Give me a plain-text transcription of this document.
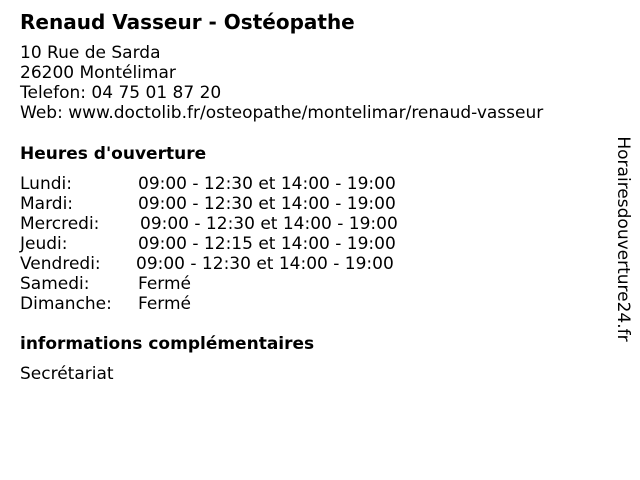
Renaud Vasseur - Ostéopathe
10 Rue de Sarda
26200 Montélimar
Telefon: 04 75 01 87 20
Web: www.doctolib.fr/osteopathe/montelimar/renaud-vasseur
Heures d'ouverture
Lundi:	09:00 - 12:30 et 14:00 - 19:00
Mardi:	09:00 - 12:30 et 14:00 - 19:00
Mercredi:	09:00 - 12:30 et 14:00 - 19:00
Jeudi:	09:00 - 12:15 et 14:00 - 19:00
Vendredi:	09:00 - 12:30 et 14:00 - 19:00
Samedi:	Fermé
Dimanche:	Fermé
informations complémentaires
Secrétariat
Horairesdouverture24.fr
